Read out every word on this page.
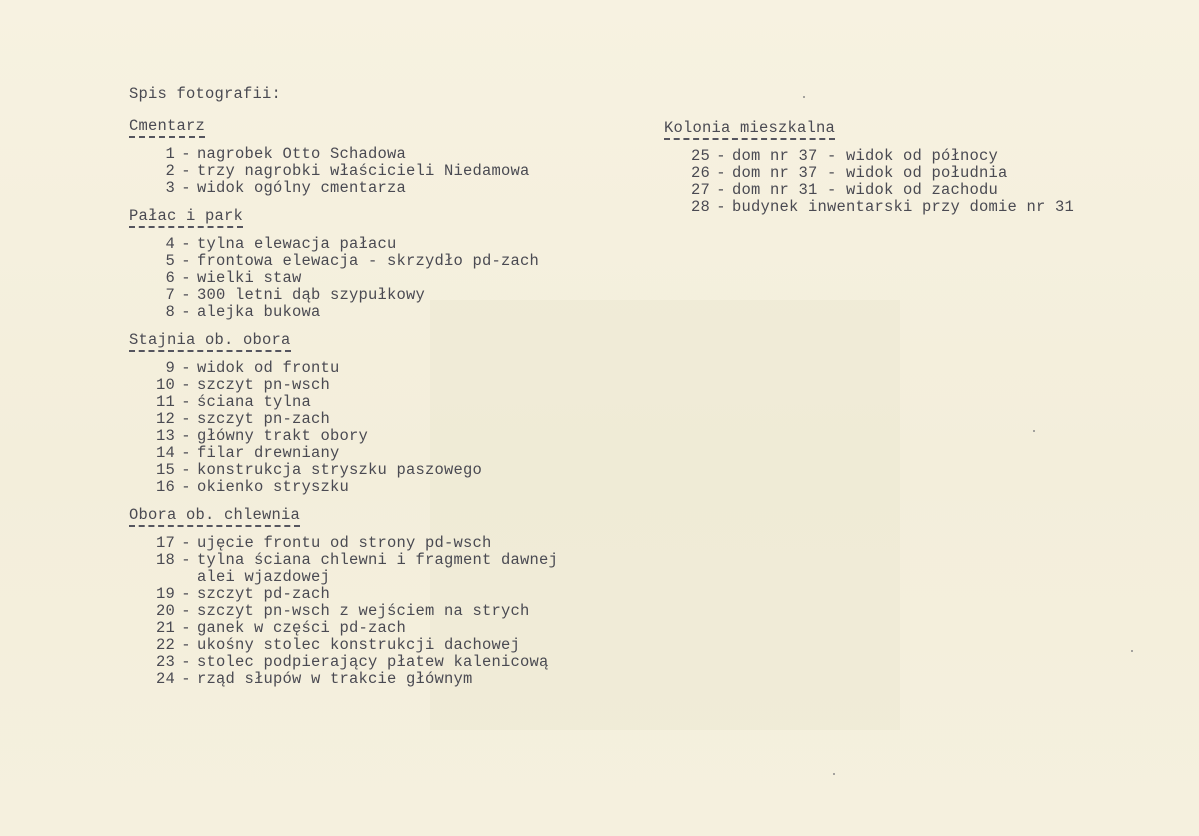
Spis fotografii:
Cmentarz
1 - nagrobek Otto Schadowa
2 - trzy nagrobki właścicieli Niedamowa
3 - widok ogólny cmentarza
Pałac i park
4 - tylna elewacja pałacu
5 - frontowa elewacja - skrzydło pd-zach
6 - wielki staw
7 - 300 letni dąb szypułkowy
8 - alejka bukowa
Stajnia ob. obora
9 - widok od frontu
10 - szczyt pn-wsch
11 - ściana tylna
12 - szczyt pn-zach
13 - główny trakt obory
14 - filar drewniany
15 - konstrukcja stryszku paszowego
16 - okienko stryszku
Obora ob. chlewnia
17 - ujęcie frontu od strony pd-wsch
18 - tylna ściana chlewni i fragment dawnej
alei wjazdowej
19 - szczyt pd-zach
20 - szczyt pn-wsch z wejściem na strych
21 - ganek w części pd-zach
22 - ukośny stolec konstrukcji dachowej
23 - stolec podpierający płatew kalenicową
24 - rząd słupów w trakcie głównym
Kolonia mieszkalna
25 - dom nr 37 - widok od północy
26 - dom nr 37 - widok od południa
27 - dom nr 31 - widok od zachodu
28 - budynek inwentarski przy domie nr 31
